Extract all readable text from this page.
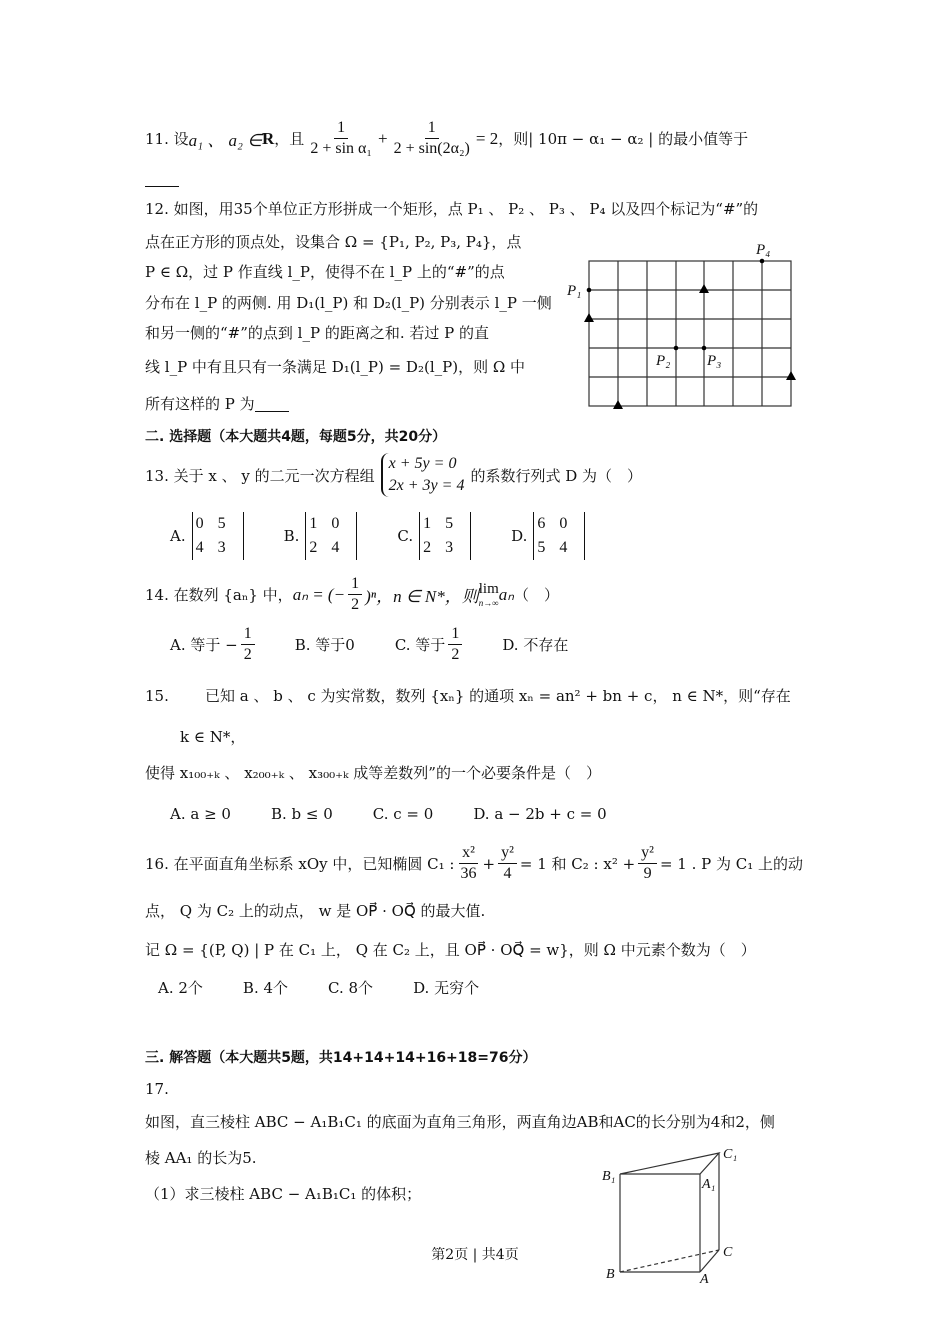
11. 设 a₁ 、 a₂ ∈ R ，且 $\frac{1}{\text{2 + sin α₁}} + \frac{1}{\text{2 + sin(2α₂)}} = 2$ ，则| 10π − α₁ − α₂ | 的最小值等于
12. 如图，用35个单位正方形拼成一个矩形，点 P₁ 、 P₂ 、 P₃ 、 P₄ 以及四个标记为“#”的
点在正方形的顶点处，设集合 Ω = {P₁, P₂, P₃, P₄}，点
P ∈ Ω，过 P 作直线 l_P，使得不在 l_P 上的“#”的点
分布在 l_P 的两侧. 用 D₁(l_P) 和 D₂(l_P) 分别表示 l_P 一侧
和另一侧的“#”的点到 l_P 的距离之和. 若过 P 的直
线 l_P 中有且只有一条满足 D₁(l_P) = D₂(l_P)，则 Ω 中
所有这样的 P 为
P₁
P₄
P₂ P₃
二. 选择题（本大题共4题，每题5分，共20分）
13. 关于 x 、 y 的二元一次方程组
x + 5y = 0
2x + 3y = 4
的系数行列式 D 为（　）
A.
0 5
4 3
B.
1 0
2 4
C.
1 5
2 3
D.
6 0
5 4
14. 在数列 {aₙ} 中， aₙ = (− $\frac{1}{2} )^n$， n ∈ N*，则 lim
n→∞ aₙ （　）
A. 等于 − $\frac{1}{2}$	B. 等于0	C. 等于 $\frac{1}{2}$	D. 不存在
15.	已知 a 、 b 、 c 为实常数，数列 {xₙ} 的通项 xₙ = an² + bn + c， n ∈ N*，则“存在
k ∈ N*，
使得 x₁₀₀₊ₖ 、 x₂₀₀₊ₖ 、 x₃₀₀₊ₖ 成等差数列”的一个必要条件是（　）
A. a ≥ 0	B. b ≤ 0	C. c = 0	D. a − 2b + c = 0
16. 在平面直角坐标系 xOy 中，已知椭圆 C₁ : $\frac{\text{x²}}{36} + \frac{\text{y²}}{4} = 1$ 和 C₂ : $x^2 + \frac{\text{y²}}{9} = 1$ . P 为 C₁ 上的动
点， Q 为 C₂ 上的动点， w 是 OP⃗ · OQ⃗ 的最大值.
记 Ω = {(P, Q) | P 在 C₁ 上， Q 在 C₂ 上，且 OP⃗ · OQ⃗ = w}，则 Ω 中元素个数为（　）
A. 2个	B. 4个	C. 8个	D. 无穷个
三. 解答题（本大题共5题，共14+14+14+16+18=76分）
17.
如图，直三棱柱 ABC − A₁B₁C₁ 的底面为直角三角形，两直角边AB和AC的长分别为4和2，侧
棱 AA₁ 的长为5.
（1）求三棱柱 ABC − A₁B₁C₁ 的体积；
B₁
A₁
C₁
B	A
C
第2页 | 共4页
